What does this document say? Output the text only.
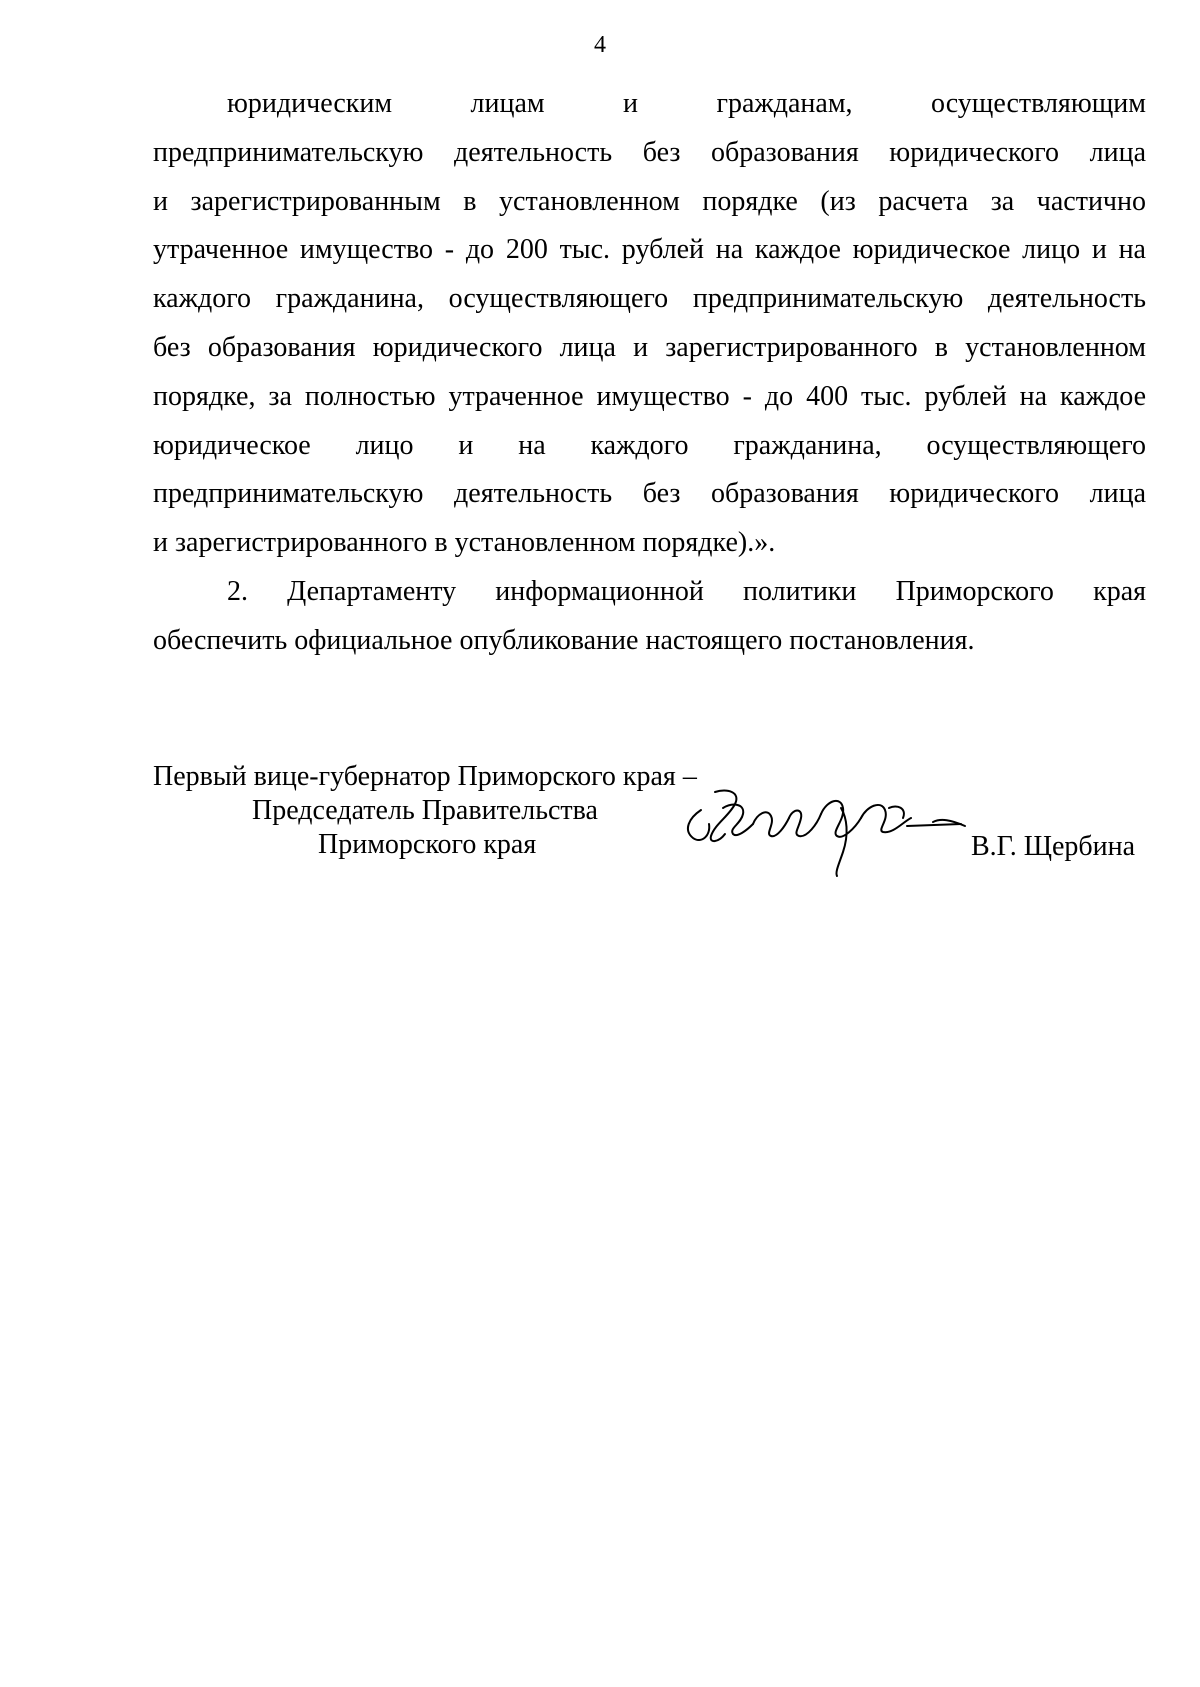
4
юридическим лицам и гражданам, осуществляющим
предпринимательскую деятельность без образования юридического лица
и зарегистрированным в установленном порядке (из расчета за частично
утраченное имущество - до 200 тыс. рублей на каждое юридическое лицо и на
каждого гражданина, осуществляющего предпринимательскую деятельность
без образования юридического лица и зарегистрированного в установленном
порядке, за полностью утраченное имущество - до 400 тыс. рублей на каждое
юридическое лицо и на каждого гражданина, осуществляющего
предпринимательскую деятельность без образования юридического лица
и зарегистрированного в установленном порядке).».
2. Департаменту информационной политики Приморского края
обеспечить официальное опубликование настоящего постановления.
Первый вице-губернатор Приморского края –
Председатель Правительства
Приморского края	В.Г. Щербина
